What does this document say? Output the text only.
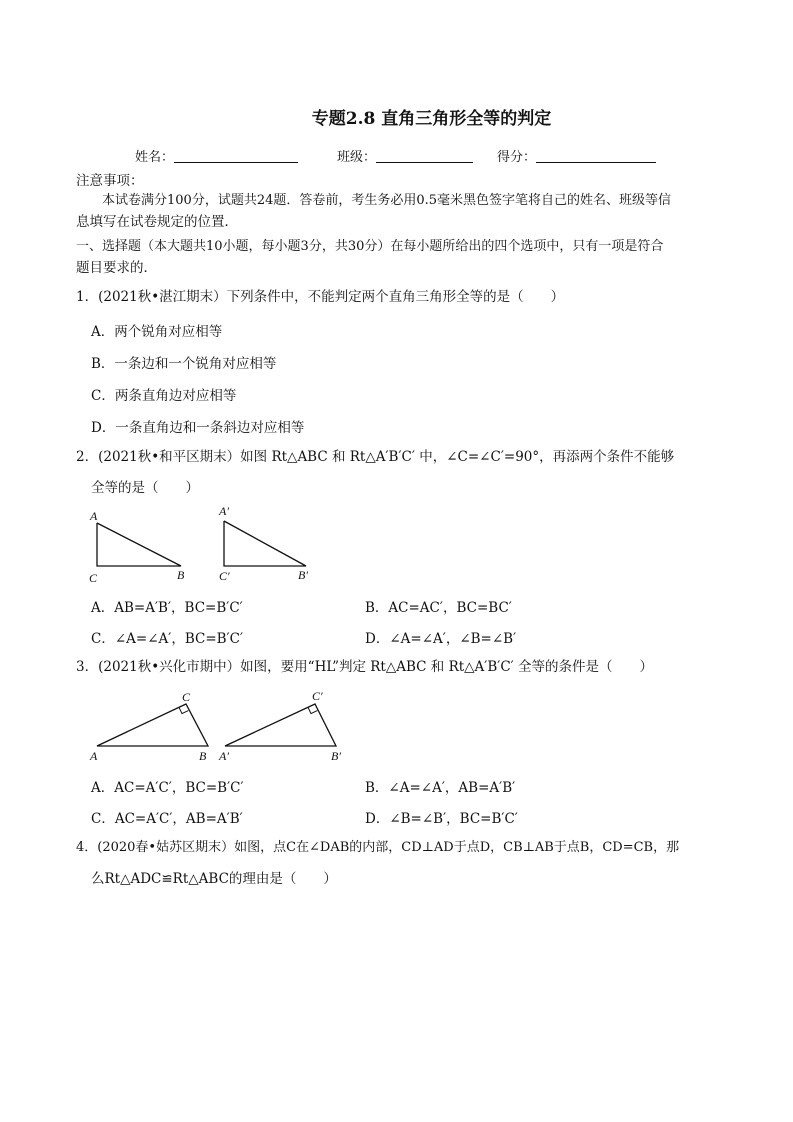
专题2.8 直角三角形全等的判定
姓名：	班级：	得分：
注意事项：
本试卷满分100分，试题共24题．答卷前，考生务必用0.5毫米黑色签字笔将自己的姓名、班级等信
息填写在试卷规定的位置．
一、选择题（本大题共10小题，每小题3分，共30分）在每小题所给出的四个选项中，只有一项是符合
题目要求的．
1．(2021秋•湛江期末）下列条件中，不能判定两个直角三角形全等的是（　　）
A．两个锐角对应相等
B．一条边和一个锐角对应相等
C．两条直角边对应相等
D．一条直角边和一条斜边对应相等
2．(2021秋•和平区期末）如图 Rt△ABC 和 Rt△A′B′C′ 中，∠C=∠C′=90°，再添两个条件不能够
全等的是（　　）
A
C	B
A′
C′	B′
A．AB=A′B′，BC=B′C′	B．AC=AC′，BC=BC′
C．∠A=∠A′，BC=B′C′	D．∠A=∠A′，∠B=∠B′
3．(2021秋•兴化市期中）如图，要用“HL”判定 Rt△ABC 和 Rt△A′B′C′ 全等的条件是（　　）
C
A	B
C′
A′	B′
A．AC=A′C′，BC=B′C′	B．∠A=∠A′，AB=A′B′
C．AC=A′C′，AB=A′B′	D．∠B=∠B′，BC=B′C′
4．(2020春•姑苏区期末）如图，点C在∠DAB的内部，CD⊥AD于点D，CB⊥AB于点B，CD=CB，那
么Rt△ADC≌Rt△ABC的理由是（　　）
